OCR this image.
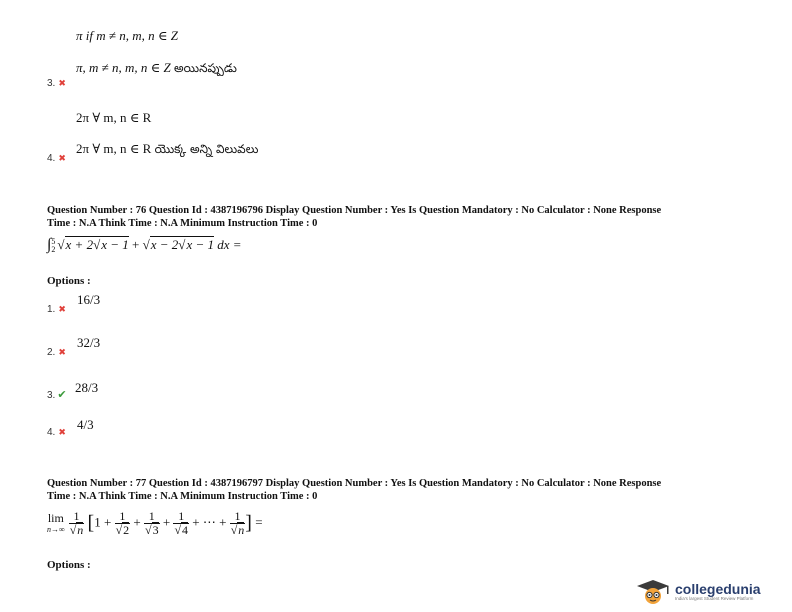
π if m ≠ n, m, n ∈ Z
π, m ≠ n, m, n ∈ Z అయినప్పుడు
3. ✖
2π ∀ m, n ∈ R
2π ∀ m, n ∈ R యొక్క అన్ని విలువలు
4. ✖
Question Number : 76 Question Id : 4387196796 Display Question Number : Yes Is Question Mandatory : No Calculator : None Response
Time : N.A Think Time : N.A Minimum Instruction Time : 0
∫ 5
2 √x + 2√x − 1 + √x − 2√x − 1 dx =
Options :
1. ✖
16/3
2. ✖
32/3
3. ✔ 28/3
4. ✖
4/3
Question Number : 77 Question Id : 4387196797 Display Question Number : Yes Is Question Mandatory : No Calculator : None Response
Time : N.A Think Time : N.A Minimum Instruction Time : 0
lim
$n\to\infty \frac{1}{√n} [1 + \frac{1}{√2} + \frac{1}{√3} + \frac{1}{√4}$ + ⋯ + $\frac{1}{√n}$ ] =
Options :
collegedunia
India's largest Student Review Platform
